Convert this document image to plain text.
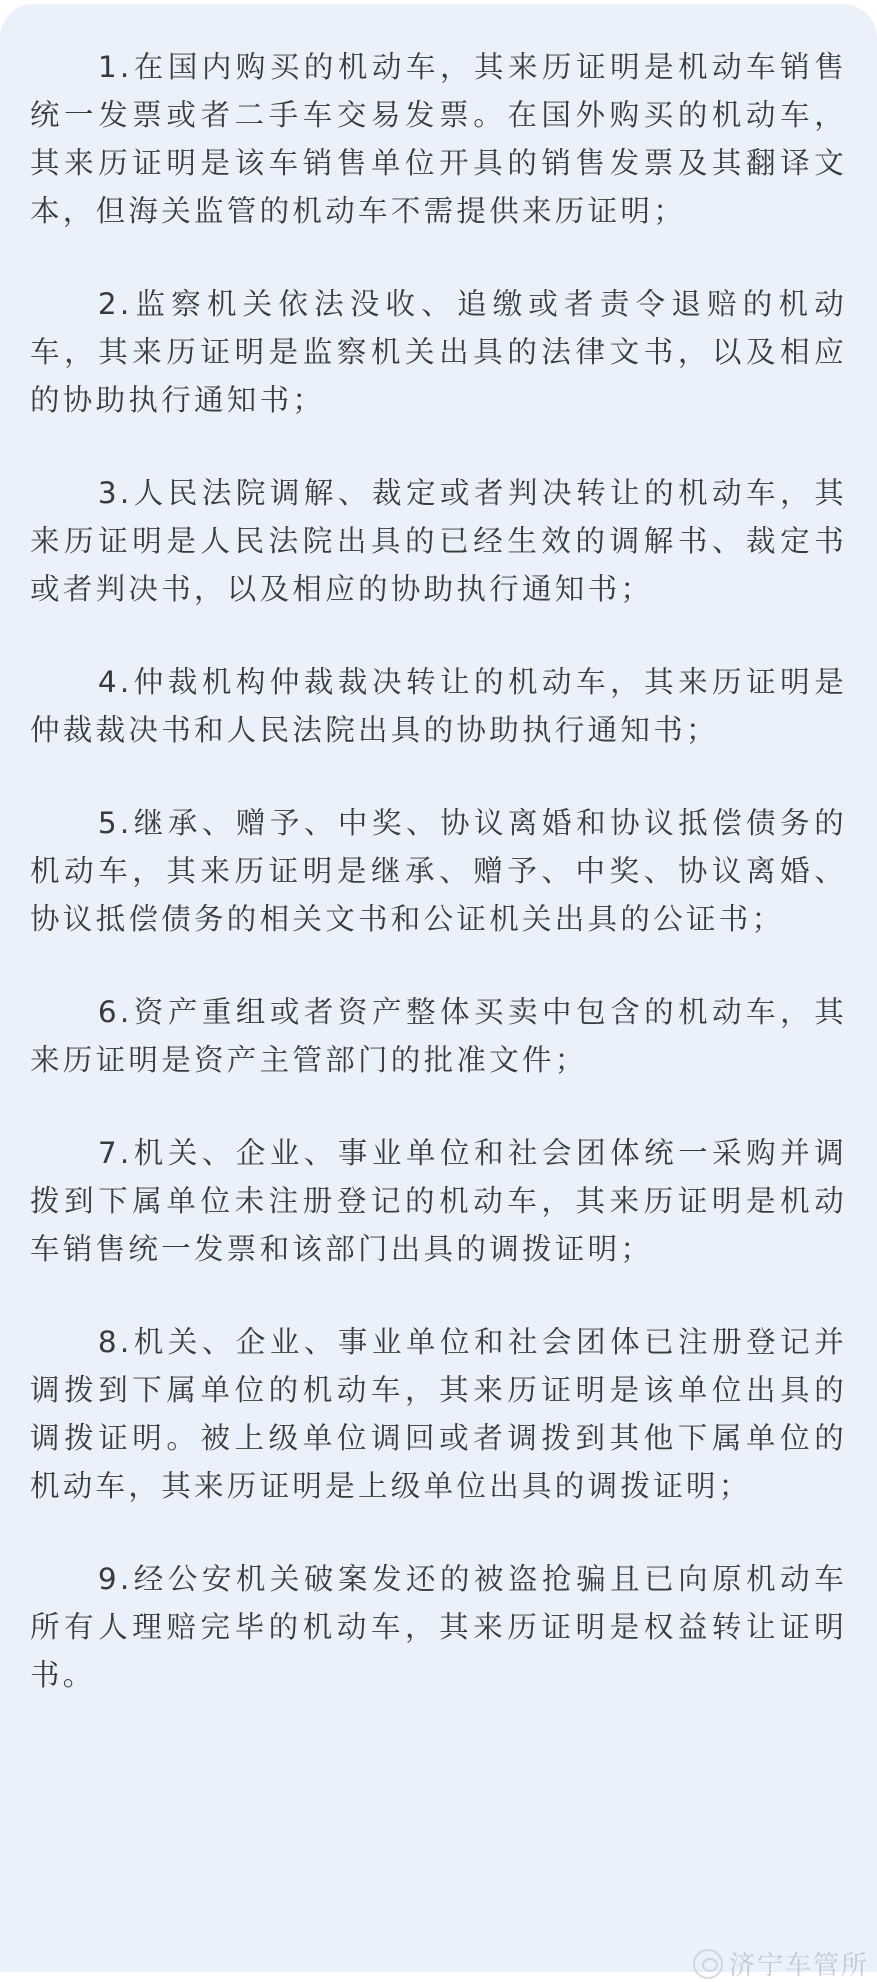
1.在国内购买的机动车，其来历证明是机动车销售统一发票或者二手车交易发票。在国外购买的机动车，其来历证明是该车销售单位开具的销售发票及其翻译文本，但海关监管的机动车不需提供来历证明；

2.监察机关依法没收、追缴或者责令退赔的机动车，其来历证明是监察机关出具的法律文书，以及相应的协助执行通知书；

3.人民法院调解、裁定或者判决转让的机动车，其来历证明是人民法院出具的已经生效的调解书、裁定书或者判决书，以及相应的协助执行通知书；

4.仲裁机构仲裁裁决转让的机动车，其来历证明是仲裁裁决书和人民法院出具的协助执行通知书；

5.继承、赠予、中奖、协议离婚和协议抵偿债务的机动车，其来历证明是继承、赠予、中奖、协议离婚、协议抵偿债务的相关文书和公证机关出具的公证书；

6.资产重组或者资产整体买卖中包含的机动车，其来历证明是资产主管部门的批准文件；

7.机关、企业、事业单位和社会团体统一采购并调拨到下属单位未注册登记的机动车，其来历证明是机动车销售统一发票和该部门出具的调拨证明；

8.机关、企业、事业单位和社会团体已注册登记并调拨到下属单位的机动车，其来历证明是该单位出具的调拨证明。被上级单位调回或者调拨到其他下属单位的机动车，其来历证明是上级单位出具的调拨证明；

9.经公安机关破案发还的被盗抢骗且已向原机动车所有人理赔完毕的机动车，其来历证明是权益转让证明书。

济宁车管所
